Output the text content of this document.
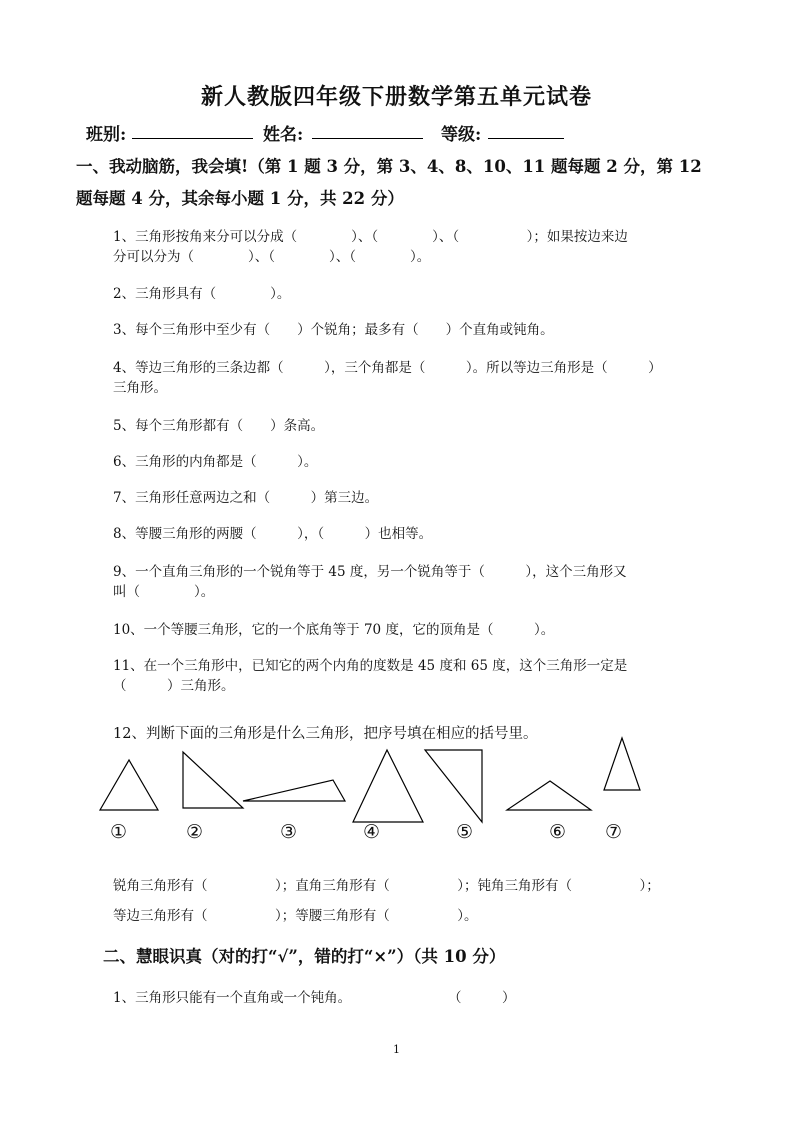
新人教版四年级下册数学第五单元试卷
班别:	姓名:	等级:
一、我动脑筋，我会填!（第 1 题 3 分，第 3、4、8、10、11 题每题 2 分，第 12
题每题 4 分，其余每小题 1 分，共 22 分）
1、三角形按角来分可以分成（　　　　）、（　　　　）、（　　　　　）；如果按边来边
分可以分为（　　　　）、（　　　　）、（　　　　）。
2、三角形具有（　　　　）。
3、每个三角形中至少有（　　）个锐角；最多有（　　）个直角或钝角。
4、等边三角形的三条边都（　　　），三个角都是（　　　）。所以等边三角形是（　　　）
三角形。
5、每个三角形都有（　　）条高。
6、三角形的内角都是（　　　）。
7、三角形任意两边之和（　　　）第三边。
8、等腰三角形的两腰（　　　），（　　　）也相等。
9、一个直角三角形的一个锐角等于 45 度，另一个锐角等于（　　　），这个三角形又
叫（　　　　）。
10、一个等腰三角形，它的一个底角等于 70 度，它的顶角是（　　　）。
11、在一个三角形中，已知它的两个内角的度数是 45 度和 65 度，这个三角形一定是
（　　　）三角形。
12、判断下面的三角形是什么三角形，把序号填在相应的括号里。
①	②	③	④	⑤	⑥ ⑦
锐角三角形有（　　　　　）；直角三角形有（　　　　　）；钝角三角形有（　　　　　）；
等边三角形有（　　　　　）；等腰三角形有（　　　　　）。
二、慧眼识真（对的打“√”，错的打“×”）（共 10 分）
1、三角形只能有一个直角或一个钝角。	（　　　）
1
